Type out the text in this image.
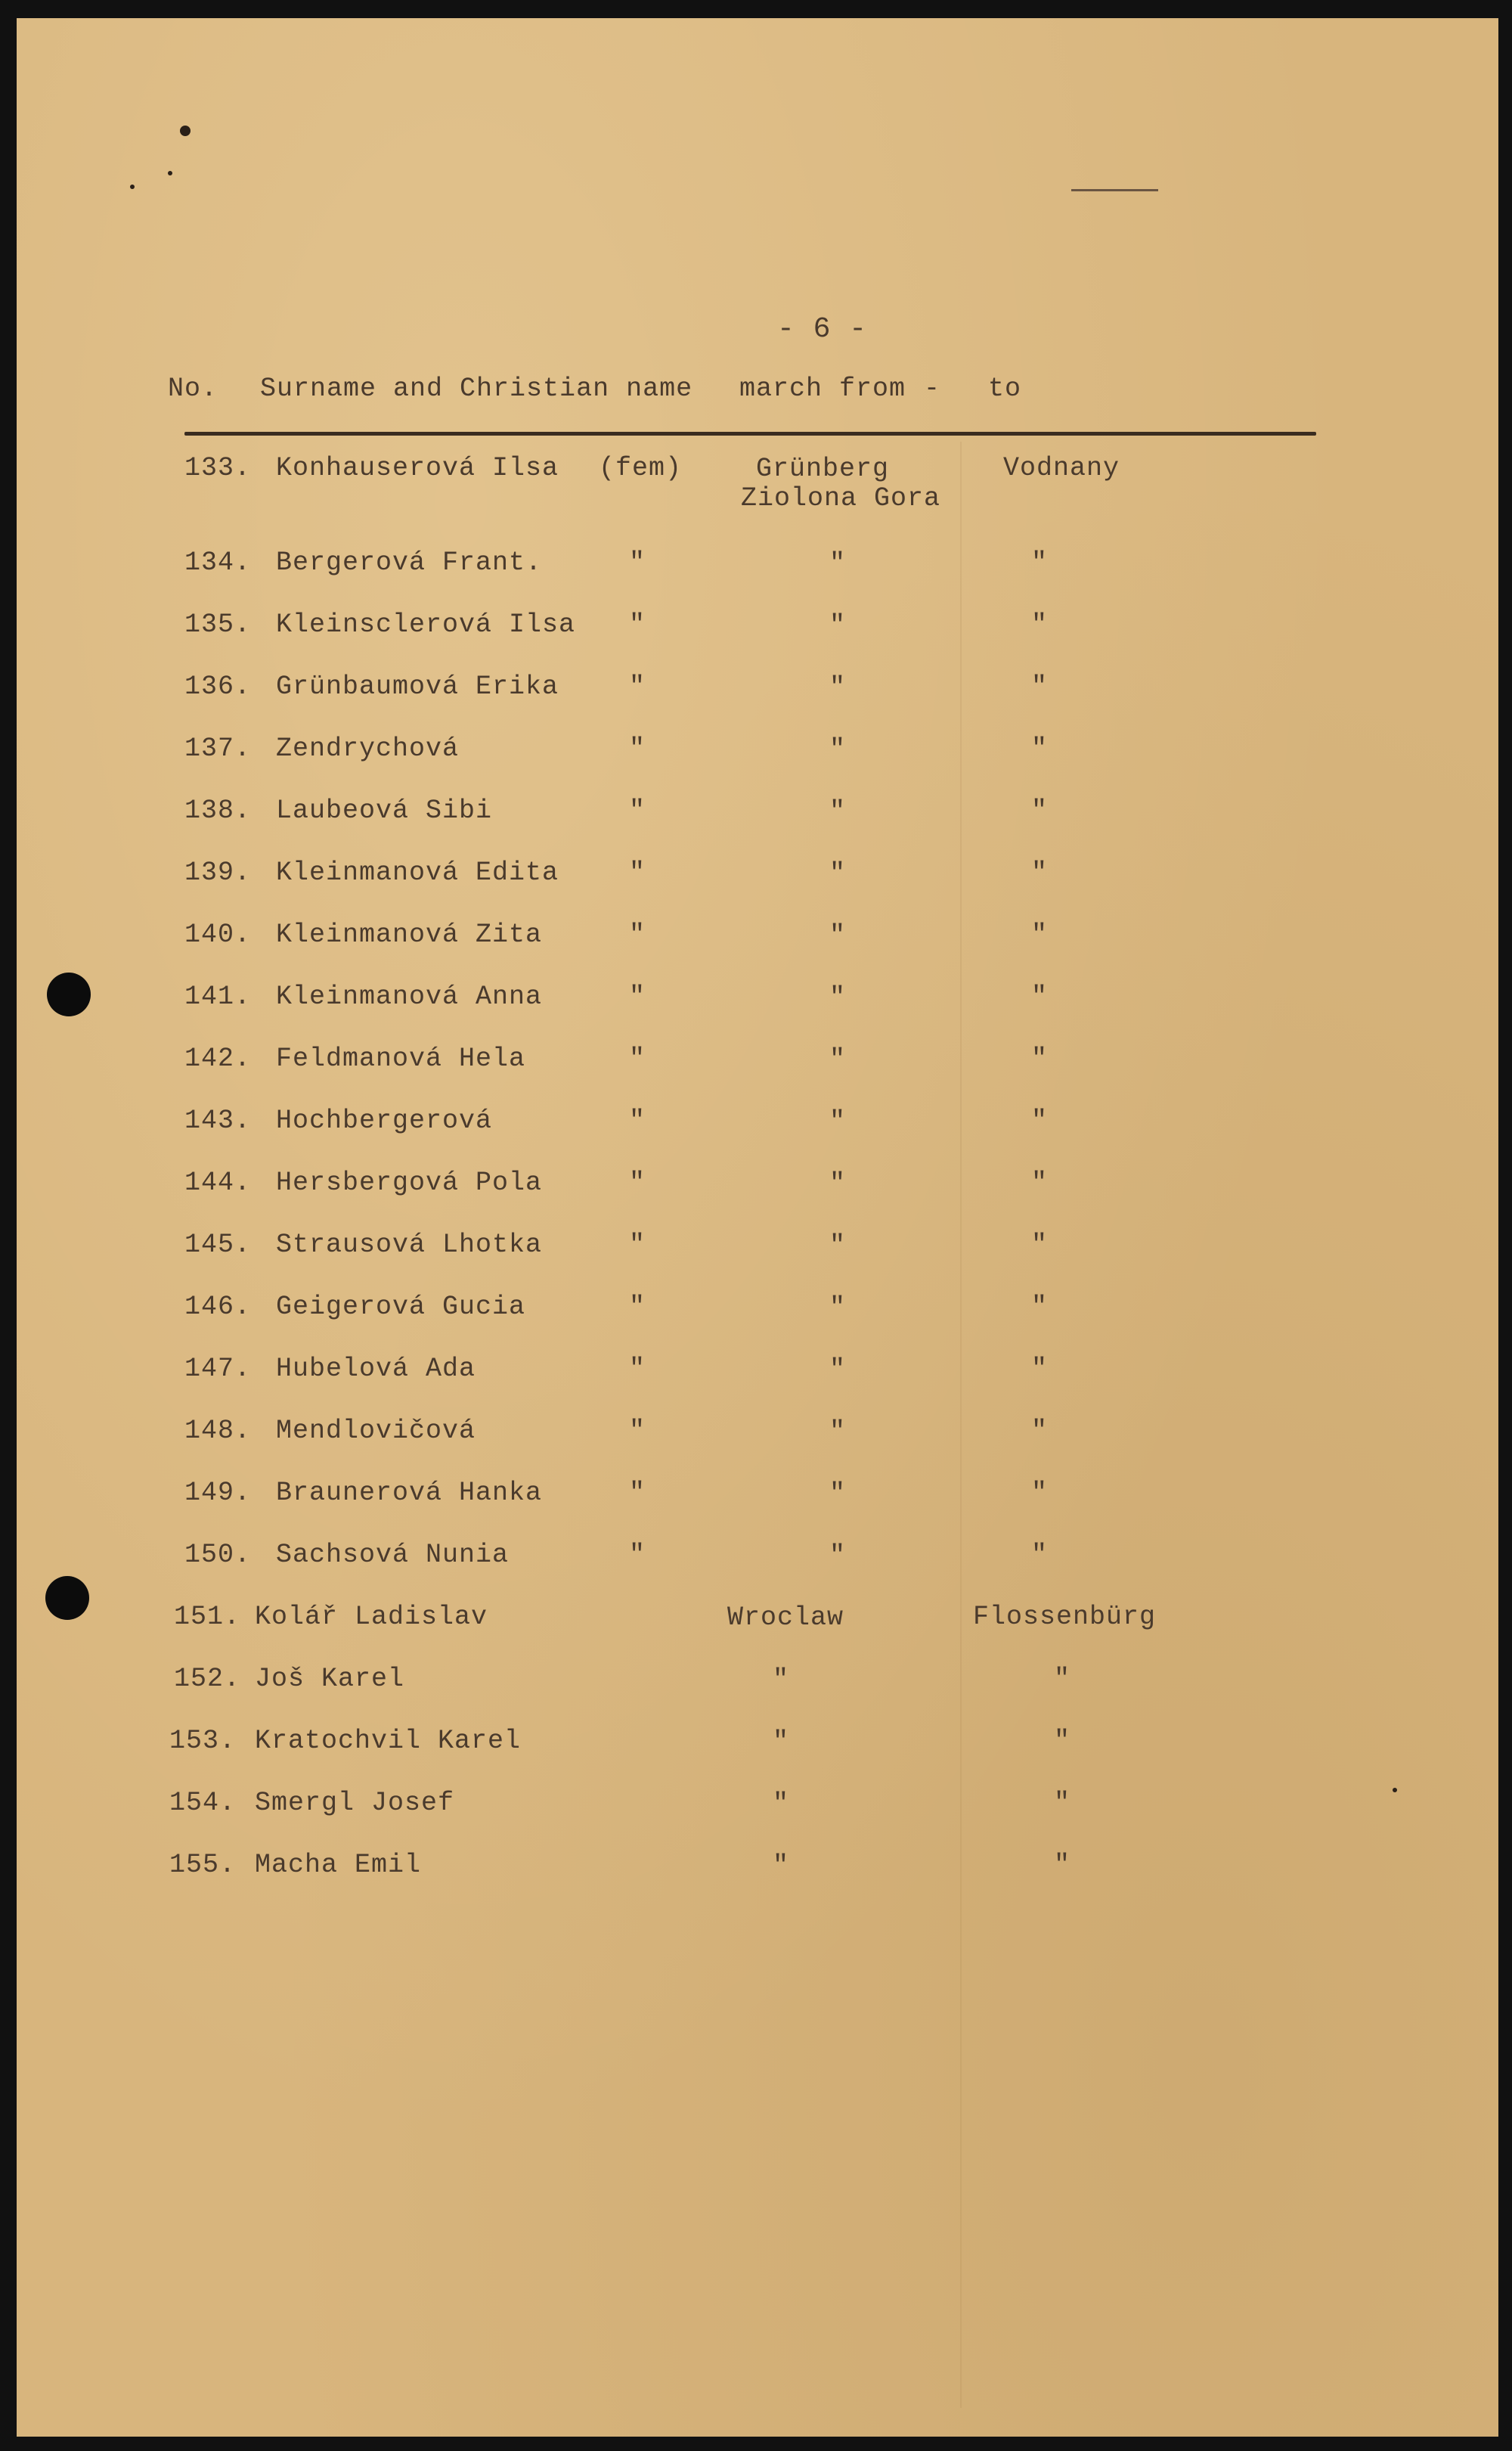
- 6 -
No. Surname and Christian name march from - to
133. Konhauserová Ilsa (fem)	Grünberg	Vodnany
Ziolona Gora
134. Bergerová Frant.	"	"	"
135. Kleinsclerová Ilsa "	"	"
136. Grünbaumová Erika	"	"	"
137. Zendrychová	"	"	"
138. Laubeová Sibi	"	"	"
139. Kleinmanová Edita	"	"	"
140. Kleinmanová Zita	"	"	"
141. Kleinmanová Anna	"	"	"
142. Feldmanová Hela	"	"	"
143. Hochbergerová	"	"	"
144. Hersbergová Pola	"	"	"
145. Strausová Lhotka	"	"	"
146. Geigerová Gucia	"	"	"
147. Hubelová Ada	"	"	"
148. Mendlovičová	"	"	"
149. Braunerová Hanka	"	"	"
150. Sachsová Nunia	"	"	"
151. Kolář Ladislav	Wroclaw	Flossenbürg
152. Još Karel	"	"
153. Kratochvil Karel	"	"
154. Smergl Josef	"	"
155. Macha Emil	"	"
